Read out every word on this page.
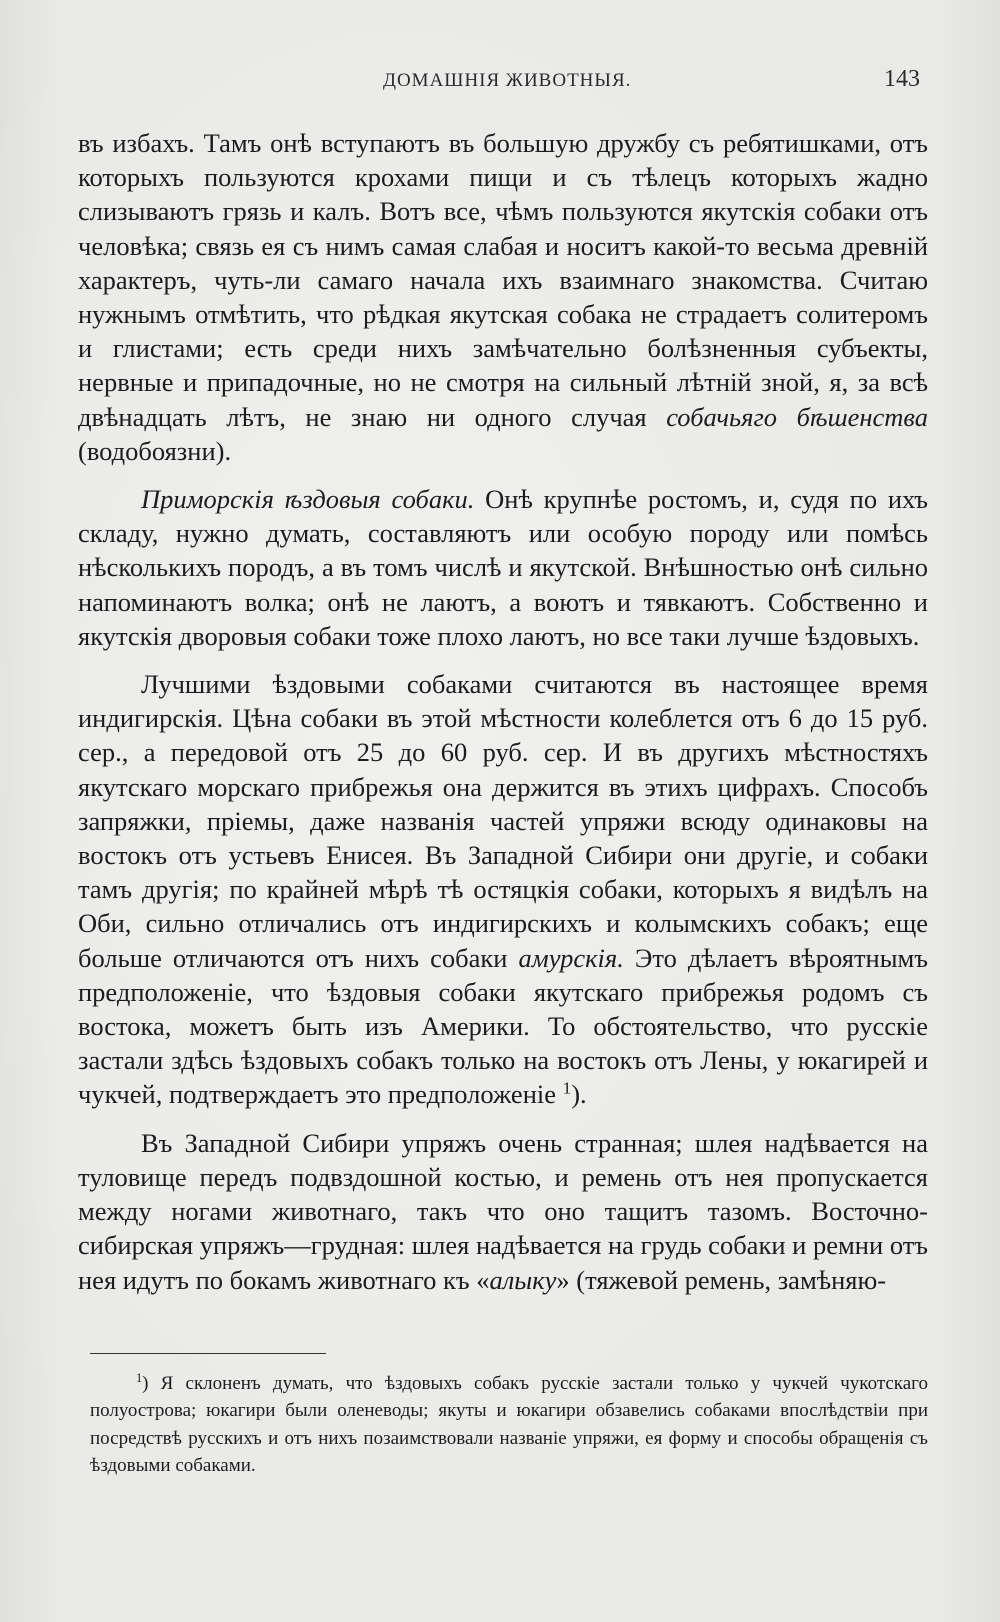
ДОМАШНІЯ ЖИВОТНЫЯ.	143

въ избахъ. Тамъ онѣ вступаютъ въ большую дружбу съ ребятишками, отъ которыхъ пользуются крохами пищи и съ тѣлецъ которыхъ жадно слизываютъ грязь и калъ. Вотъ все, чѣмъ пользуются якутскія собаки отъ человѣка; связь ея съ нимъ самая слабая и носитъ какой-то весьма древній характеръ, чуть-ли самаго начала ихъ взаимнаго знакомства. Считаю нужнымъ отмѣтить, что рѣдкая якутская собака не страдаетъ солитеромъ и глистами; есть среди нихъ замѣчательно болѣзненныя субъекты, нервные и припадочные, но не смотря на сильный лѣтній зной, я, за всѣ двѣнадцать лѣтъ, не знаю ни одного случая собачьяго бѣшенства (водобоязни).

Приморскія ѣздовыя собаки. Онѣ крупнѣе ростомъ, и, судя по ихъ складу, нужно думать, составляютъ или особую породу или помѣсь нѣсколькихъ породъ, а въ томъ числѣ и якутской. Внѣшностью онѣ сильно напоминаютъ волка; онѣ не лаютъ, а воютъ и тявкаютъ. Собственно и якутскія дворовыя собаки тоже плохо лаютъ, но все таки лучше ѣздовыхъ.

Лучшими ѣздовыми собаками считаются въ настоящее время индигирскія. Цѣна собаки въ этой мѣстности колеблется отъ 6 до 15 руб. сер., а передовой отъ 25 до 60 руб. сер. И въ другихъ мѣстностяхъ якутскаго морскаго прибрежья она держится въ этихъ цифрахъ. Способъ запряжки, пріемы, даже названія частей упряжи всюду одинаковы на востокъ отъ устьевъ Енисея. Въ Западной Сибири они другіе, и собаки тамъ другія; по крайней мѣрѣ тѣ остяцкія собаки, которыхъ я видѣлъ на Оби, сильно отличались отъ индигирскихъ и колымскихъ собакъ; еще больше отличаются отъ нихъ собаки амурскія. Это дѣлаетъ вѣроятнымъ предположеніе, что ѣздовыя собаки якутскаго прибрежья родомъ съ востока, можетъ быть изъ Америки. То обстоятельство, что русскіе застали здѣсь ѣздовыхъ собакъ только на востокъ отъ Лены, у юкагирей и чукчей, подтверждаетъ это предположеніе $^1$).

Въ Западной Сибири упряжъ очень странная; шлея надѣвается на туловище передъ подвздошной костью, и ремень отъ нея пропускается между ногами животнаго, такъ что оно тащитъ тазомъ. Восточно-сибирская упряжъ—грудная: шлея надѣвается на грудь собаки и ремни отъ нея идутъ по бокамъ животнаго къ «алыку» (тяжевой ремень, замѣняю-

$^1$) Я склоненъ думать, что ѣздовыхъ собакъ русскіе застали только у чукчей чукотскаго полуострова; юкагири были оленеводы; якуты и юкагири обзавелись собаками впослѣдствіи при посредствѣ русскихъ и отъ нихъ позаимствовали названіе упряжи, ея форму и способы обращенія съ ѣздовыми собаками.
